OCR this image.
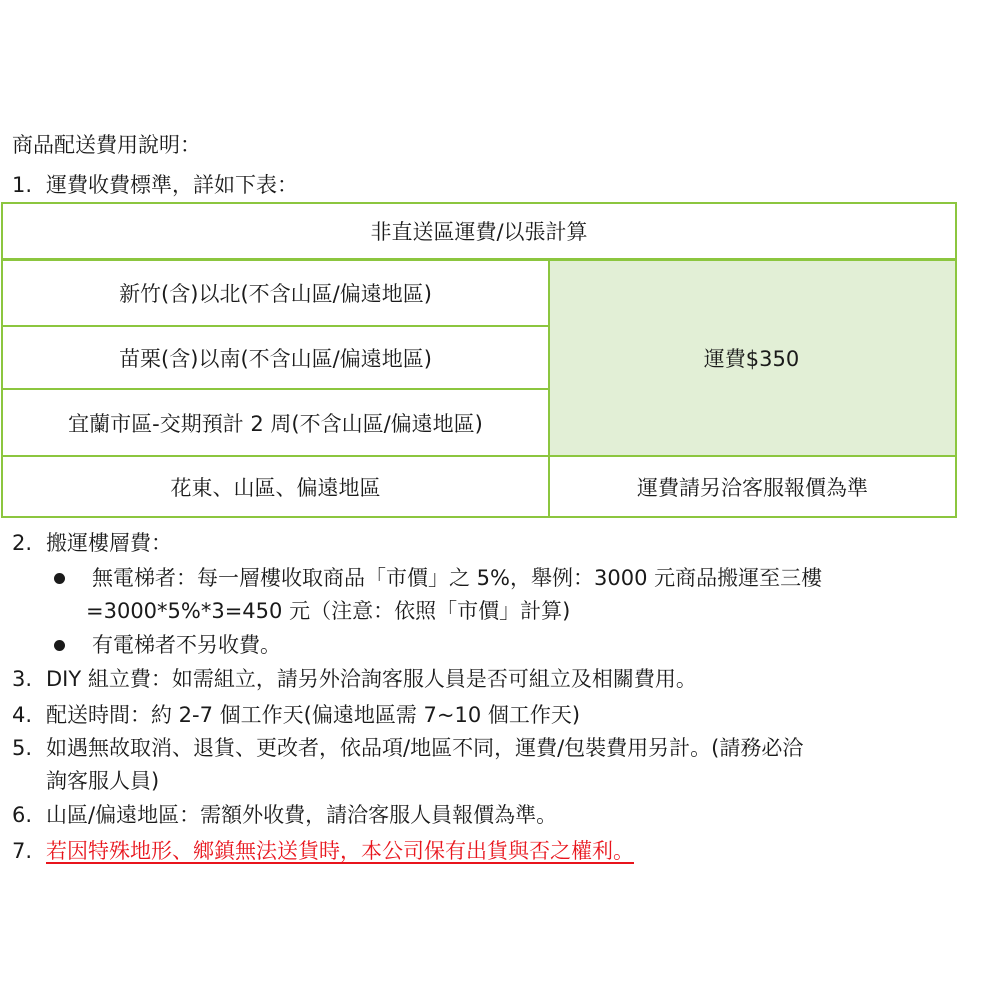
商品配送費用說明：
1. 運費收費標準，詳如下表：
非直送區運費/以張計算
運費$350
新竹(含)以北(不含山區/偏遠地區)
苗栗(含)以南(不含山區/偏遠地區)
宜蘭市區-交期預計 2 周(不含山區/偏遠地區)
花東、山區、偏遠地區	運費請另洽客服報價為準
2. 搬運樓層費：
無電梯者：每一層樓收取商品「市價」之 5%，舉例：3000 元商品搬運至三樓
=3000*5%*3=450 元（注意：依照「市價」計算)
有電梯者不另收費。
3. DIY 組立費：如需組立，請另外洽詢客服人員是否可組立及相關費用。
4. 配送時間：約 2-7 個工作天(偏遠地區需 7~10 個工作天)
5. 如遇無故取消、退貨、更改者，依品項/地區不同，運費/包裝費用另計。(請務必洽
詢客服人員)
6. 山區/偏遠地區：需額外收費，請洽客服人員報價為準。
7. 若因特殊地形、鄉鎮無法送貨時，本公司保有出貨與否之權利。
